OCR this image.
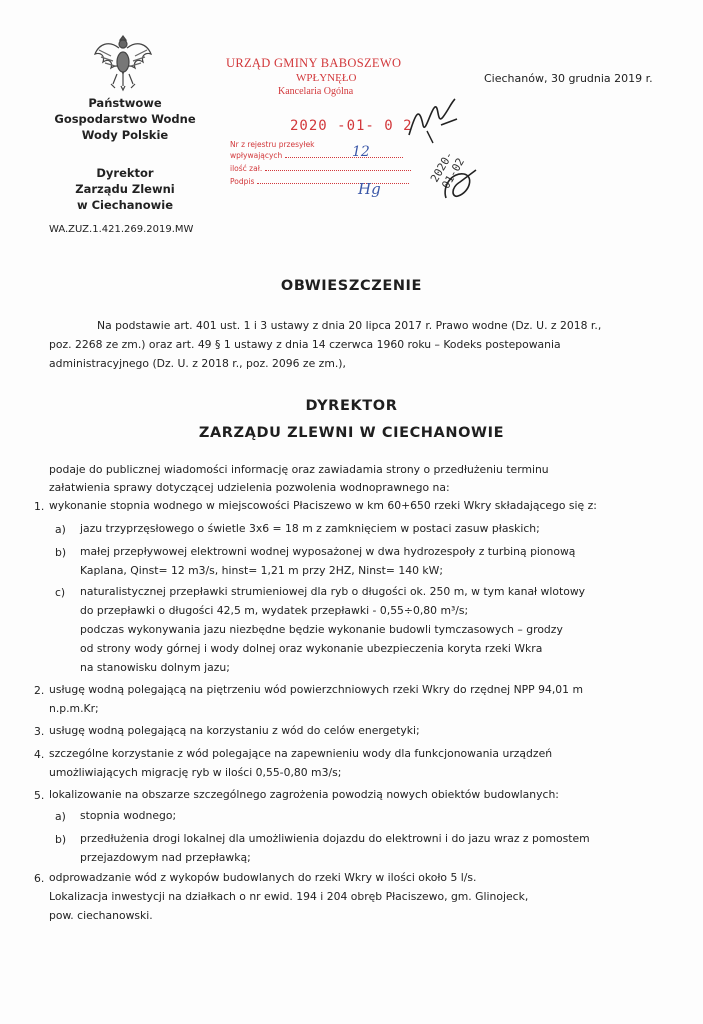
Państwowe
Gospodarstwo Wodne
Wody Polskie
Dyrektor
Zarządu Zlewni
w Ciechanowie
WA.ZUZ.1.421.269.2019.MW
Ciechanów, 30 grudnia 2019 r.
URZĄD GMINY BABOSZEWO
WPŁYNĘŁO
Kancelaria Ogólna
2020 -01- 0 2
Nr z rejestru przesyłek
wpływających
ilość zał.
Podpis
12
Hg
2020-01-02
OBWIESZCZENIE
Na podstawie art. 401 ust. 1 i 3 ustawy z dnia 20 lipca 2017 r. Prawo wodne (Dz. U. z 2018 r.,
poz. 2268 ze zm.) oraz art. 49 § 1 ustawy z dnia 14 czerwca 1960 roku – Kodeks postepowania
administracyjnego (Dz. U. z 2018 r., poz. 2096 ze zm.),
DYREKTOR
ZARZĄDU ZLEWNI W CIECHANOWIE
podaje do publicznej wiadomości informację oraz zawiadamia strony o przedłużeniu terminu
załatwienia sprawy dotyczącej udzielenia pozwolenia wodnoprawnego na:
1. wykonanie stopnia wodnego w miejscowości Płaciszewo w km 60+650 rzeki Wkry składającego się z:
a) jazu trzyprzęsłowego o świetle 3x6 = 18 m z zamknięciem w postaci zasuw płaskich;
b) małej przepływowej elektrowni wodnej wyposażonej w dwa hydrozespoły z turbiną pionową
Kaplana, Qinst= 12 m3/s, hinst= 1,21 m przy 2HZ, Ninst= 140 kW;
c) naturalistycznej przepławki strumieniowej dla ryb o długości ok. 250 m, w tym kanał wlotowy
do przepławki o długości 42,5 m, wydatek przepławki - 0,55÷0,80 m³/s;
podczas wykonywania jazu niezbędne będzie wykonanie budowli tymczasowych – grodzy
od strony wody górnej i wody dolnej oraz wykonanie ubezpieczenia koryta rzeki Wkra
na stanowisku dolnym jazu;
2. usługę wodną polegającą na piętrzeniu wód powierzchniowych rzeki Wkry do rzędnej NPP 94,01 m
n.p.m.Kr;
3. usługę wodną polegającą na korzystaniu z wód do celów energetyki;
4. szczególne korzystanie z wód polegające na zapewnieniu wody dla funkcjonowania urządzeń
umożliwiających migrację ryb w ilości 0,55-0,80 m3/s;
5. lokalizowanie na obszarze szczególnego zagrożenia powodzią nowych obiektów budowlanych:
a) stopnia wodnego;
b) przedłużenia drogi lokalnej dla umożliwienia dojazdu do elektrowni i do jazu wraz z pomostem
przejazdowym nad przepławką;
6. odprowadzanie wód z wykopów budowlanych do rzeki Wkry w ilości około 5 l/s.
Lokalizacja inwestycji na działkach o nr ewid. 194 i 204 obręb Płaciszewo, gm. Glinojeck,
pow. ciechanowski.
